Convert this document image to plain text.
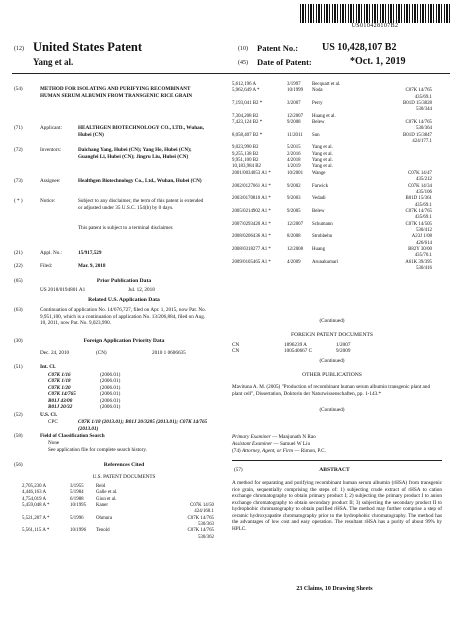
US010428107B2
(12) United States Patent
Yang et al.
(10) Patent No.: US 10,428,107 B2
(45) Date of Patent:	*Oct. 1, 2019
(54)	METHOD FOR ISOLATING AND PURIFYING RECOMBINANT HUMAN SERUM ALBUMIN FROM TRANSGENIC RICE GRAIN
(71)	Applicant:	HEALTHGEN BIOTECHNOLOGY CO., LTD., Wuhan, Hubei (CN)
(72)	Inventors:	Daichang Yang, Hubei (CN); Yang He, Hubei (CN); Guangfei Li, Hubei (CN); Jingru Liu, Hubei (CN)
(73)	Assignee:	Healthgen Biotechnology Co., Ltd., Wuhan, Hubei (CN)
( * )	Notice:	Subject to any disclaimer, the term of this patent is extended or adjusted under 35 U.S.C. 154(b) by 0 days.
This patent is subject to a terminal disclaimer.
(21)	Appl. No.:	15/917,529
(22)	Filed:	Mar. 9, 2018
(65)	Prior Publication Data
US 2018/0194801 A1	Jul. 12, 2018
Related U.S. Application Data
(63)	Continuation of application No. 14/676,727, filed on Apr. 1, 2015, now Pat. No. 9,951,100, which is a continuation of application No. 13/206,884, filed on Aug. 10, 2011, now Pat. No. 9,023,990.
(30)	Foreign Application Priority Data
Dec. 24, 2010	(CN)	2010 1 0606635
(51)	Int. Cl.
C07K 1/16	(2006.01)
C07K 1/18	(2006.01)
C07K 1/20	(2006.01)
C07K 14/765	(2006.01)
B01J 43/00	(2006.01)
B01J 20/32	(2006.01)
(52)	U.S. Cl.
CPC	C07K 1/18 (2013.01); B01J 20/3285 (2013.01); C07K 14/765 (2013.01)
(58)	Field of Classification Search
None
See application file for complete search history.
(56)	References Cited
U.S. PATENT DOCUMENTS
2,705,230 A	3/1955	Reid
4,446,163 A	5/1984	Galle et al.
4,754,019 A	6/1988	Gion et al.
5,459,048 A *	10/1995 Kaner	C07K 14/50
424/168.1
5,521,287 A *	5/1996	Ohmura	C07K 14/765
530/363
5,561,115 A *	10/1996 Tenold	C07K 14/765
530/362
5,612,196 A	3/1997 Becquart et al.
5,962,649 A *	10/1999 Noda	C07K 14/765
435/69.1
7,193,041 B2 *	3/2007 Perry	B01D 15/3828
530/344
7,304,208 B2	12/2007 Huang et al.
7,423,124 B2 *	9/2008 Belew	C07K 14/765
530/364
8,058,407 B2 *	11/2011 Sun	B01D 15/3847
424/177.1
9,023,990 B2	5/2015 Yang et al.
9,255,138 B2	2/2016 Yang et al.
9,951,100 B2	4/2018 Yang et al.
10,183,984 B2	1/2019 Yang et al.
2001/0034053 A1 *	10/2001 Wange	C07K 14/47
435/212
2002/0127661 A1 *	9/2002 Farwick	C07K 14/34
435/106
2003/0170810 A1 *	9/2003 Vedadi	B01D 15/361
435/69.1
2005/0214902 A1 *	9/2005 Belew	C07K 14/765
435/69.1
2007/0293420 A1 *	12/2007 Schumann	C07K 14/505
530/412
2008/0206436 A1 *	8/2008 Strohbehn	A23J 1/08
426/614
2008/0318277 A1 *	12/2008 Huang	B82Y 30/00
435/70.1
2009/0105465 A1 *	4/2009 Arunakumari	A61K 39/395
530/416
(Continued)
FOREIGN PATENT DOCUMENTS
CN	1896239 A	1/2007
CN	100540667 C	9/2009
(Continued)
OTHER PUBLICATIONS
Mavituna A. M. (2005) "Production of recombinant human serum albumin transgenic plant and plant cell", Dissertation, Doktorin der Naturwissenschaften, pp. 1-143.*
(Continued)
Primary Examiner — Manjunath N Rao
Assistant Examiner — Samuel W Liu
(74) Attorney, Agent, or Firm — Rimon, P.C.
(57)	ABSTRACT
A method for separating and purifying recombinant human serum albumin (rHSA) from transgenic rice grain, sequentially comprising the steps of: 1) subjecting crude extract of rHSA to cation exchange chromatography to obtain primary product I; 2) subjecting the primary product I to anion exchange chromatography to obtain secondary product II; 3) subjecting the secondary product II to hydrophobic chromatography to obtain purified rHSA. The method may further comprise a step of ceramic hydroxyapatite chromatography prior to the hydrophobic chromatography. The method has the advantages of low cost and easy operation. The resultant rHSA has a purity of about 99% by HPLC.
23 Claims, 10 Drawing Sheets
